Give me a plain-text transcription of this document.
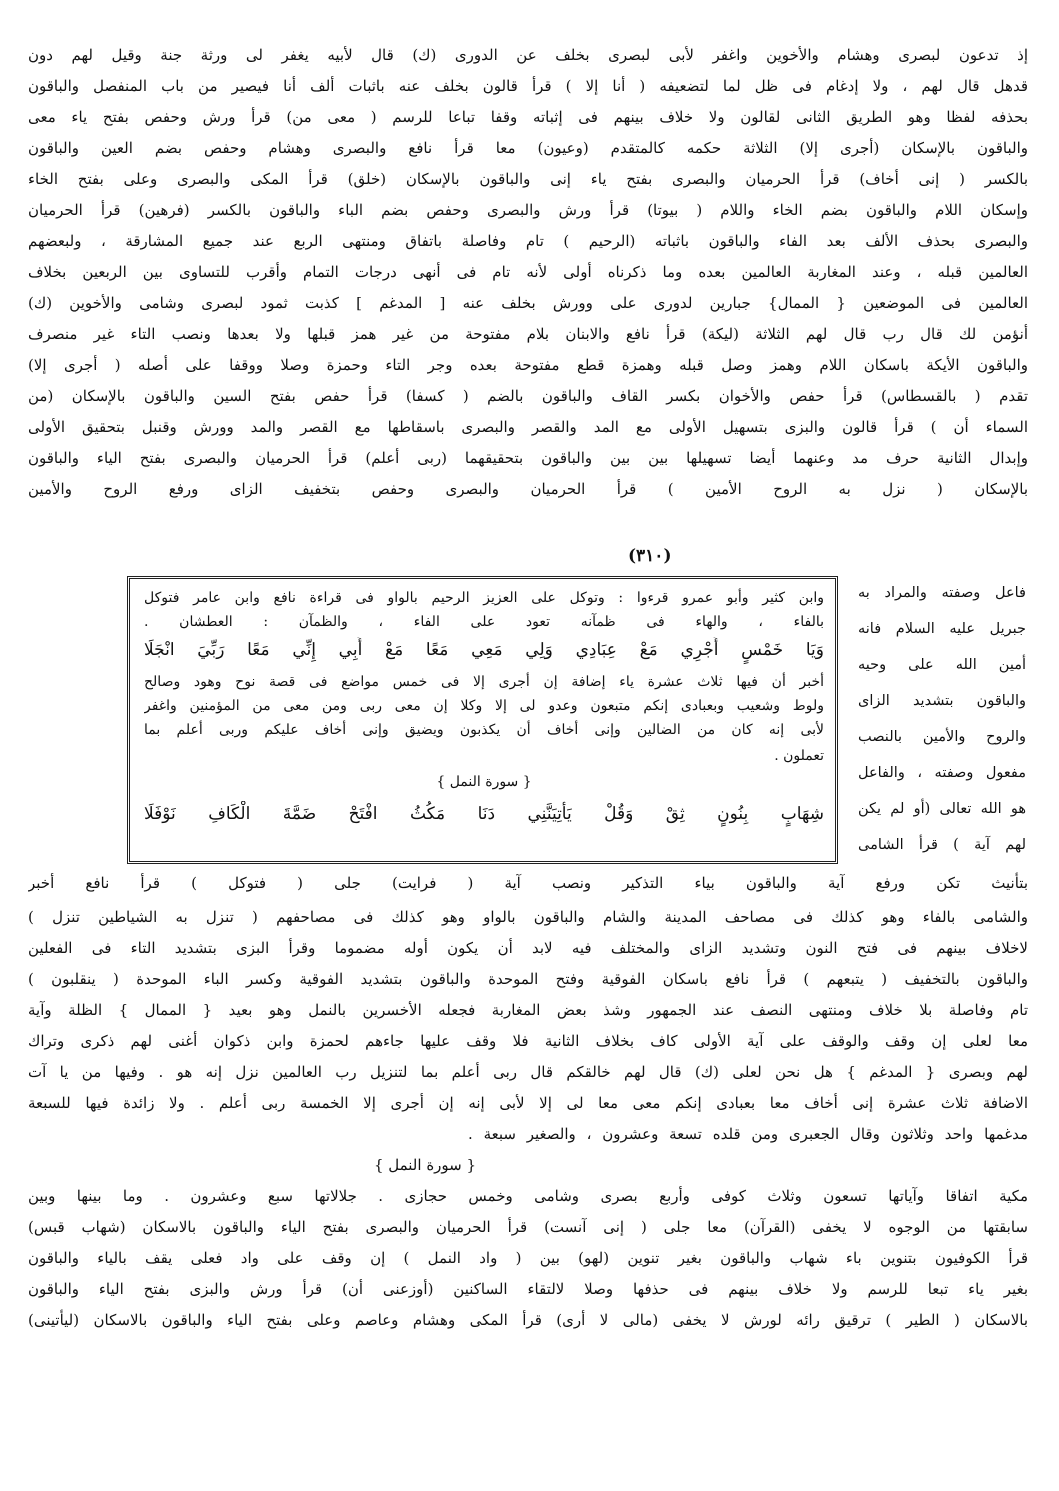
إذ تدعون لبصرى وهشام والأخوين واغفر لأبى لبصرى بخلف عن الدورى (ك) قال لأبيه يغفر لى ورثة جنة وقيل لهم دون
قدهل قال لهم ، ولا إدغام فى ظل لما لتضعيفه ( أنا إلا ) قرأ قالون بخلف عنه باثبات ألف أنا فيصير من باب المنفصل والباقون
بحذفه لفظا وهو الطريق الثانى لقالون ولا خلاف بينهم فى إثباته وقفا تباعا للرسم ( معى من) قرأ ورش وحفص بفتح ياء معى
والباقون بالإسكان (أجرى إلا) الثلاثة حكمه كالمتقدم (وعيون) معا قرأ نافع والبصرى وهشام وحفص بضم العين والباقون
بالكسر ( إنى أخاف) قرأ الحرميان والبصرى بفتح ياء إنى والباقون بالإسكان (خلق) قرأ المكى والبصرى وعلى بفتح الخاء
وإسكان اللام والباقون بضم الخاء واللام ( بيوتا) قرأ ورش والبصرى وحفص بضم الباء والباقون بالكسر (فرهين) قرأ الحرميان
والبصرى بحذف الألف بعد الفاء والباقون باثباته (الرحيم ) تام وفاصلة باتفاق ومنتهى الربع عند جميع المشارقة ، ولبعضهم
العالمين قبله ، وعند المغاربة العالمين بعده وما ذكرناه أولى لأنه تام فى أنهى درجات التمام وأقرب للتساوى بين الربعين بخلاف
العالمين فى الموضعين { الممال} جبارين لدورى على وورش بخلف عنه [ المدغم ] كذبت ثمود لبصرى وشامى والأخوين (ك)
أنؤمن لك قال رب قال لهم الثلاثة (ليكة) قرأ نافع والابنان بلام مفتوحة من غير همز قبلها ولا بعدها ونصب التاء غير منصرف
والباقون الأيكة باسكان اللام وهمز وصل قبله وهمزة قطع مفتوحة بعده وجر التاء وحمزة وصلا ووقفا على أصله ( أجرى إلا)
تقدم ( بالقسطاس) قرأ حفص والأخوان بكسر القاف والباقون بالضم ( كسفا) قرأ حفص بفتح السين والباقون بالإسكان (من
السماء أن ) قرأ قالون والبزى بتسهيل الأولى مع المد والقصر والبصرى باسقاطها مع القصر والمد وورش وقنبل بتحقيق الأولى
وإبدال الثانية حرف مد وعنهما أيضا تسهيلها بين بين والباقون بتحقيقهما (ربى أعلم) قرأ الحرميان والبصرى بفتح الياء والباقون
بالإسكان ( نزل به الروح الأمين ) قرأ الحرميان والبصرى وحفص بتخفيف الزاى ورفع الروح والأمين
(٣١٠)
فاعل وصفته والمراد به
جبريل عليه السلام فانه
أمين الله على وحيه
والباقون بتشديد الزاى
والروح والأمين بالنصب
مفعول وصفته ، والفاعل
هو الله تعالى (أو لم يكن
لهم آية ) قرأ الشامى
وابن كثير وأبو عمرو قرءوا : وتوكل على العزيز الرحيم بالواو فى قراءة نافع وابن عامر فتوكل
بالفاء ، والهاء فى ظمآنه تعود على الفاء ، والظمآن : العطشان .
وَيَا خَمْسٍ أَجْرِي مَعْ عِبَادِي وَلِي مَعِي مَعًا مَعْ أَبِي إِنِّي مَعًا رَبِّيَ انْجَلَا
أخبر أن فيها ثلاث عشرة ياء إضافة إن أجرى إلا فى خمس مواضع فى قصة نوح وهود وصالح
ولوط وشعيب وبعبادى إنكم متبعون وعدو لى إلا وكلا إن معى ربى ومن معى من المؤمنين واغفر
لأبى إنه كان من الضالين وإنى أخاف أن يكذبون ويضيق وإنى أخاف عليكم وربى أعلم بما
تعملون .
{ سورة النمل }
شِهَابٍ بِنُونٍ ثِقْ وَقُلْ يَأْتِيَنَّنِي دَنَا مَكُثُ افْتَحْ ضَمَّةَ الْكَافِ نَوْفَلَا
بتأنيث تكن ورفع آية والباقون بياء التذكير ونصب آية ( فرايت) جلى ( فتوكل ) قرأ نافع أخبر
والشامى بالفاء وهو كذلك فى مصاحف المدينة والشام والباقون بالواو وهو كذلك فى مصاحفهم ( تنزل به الشياطين تنزل )
لاخلاف بينهم فى فتح النون وتشديد الزاى والمختلف فيه لابد أن يكون أوله مضموما وقرأ البزى بتشديد التاء فى الفعلين
والباقون بالتخفيف ( يتبعهم ) قرأ نافع باسكان الفوقية وفتح الموحدة والباقون بتشديد الفوقية وكسر الباء الموحدة ( ينقلبون )
تام وفاصلة بلا خلاف ومنتهى النصف عند الجمهور وشذ بعض المغاربة فجعله الأخسرين بالنمل وهو بعيد { الممال } الظلة وآية
معا لعلى إن وقف والوقف على آية الأولى كاف بخلاف الثانية فلا وقف عليها جاءهم لحمزة وابن ذكوان أغنى لهم ذكرى وتراك
لهم وبصرى { المدغم } هل نحن لعلى (ك) قال لهم خالقكم قال ربى أعلم بما لتنزيل رب العالمين نزل إنه هو . وفيها من يا آت
الاضافة ثلاث عشرة إنى أخاف معا بعبادى إنكم معى معا لى إلا لأبى إنه إن أجرى إلا الخمسة ربى أعلم . ولا زائدة فيها للسبعة
مدغمها واحد وثلاثون وقال الجعبرى ومن قلده تسعة وعشرون ، والصغير سبعة .
{ سورة النمل }
مكية اتفاقا وآياتها تسعون وثلاث كوفى وأربع بصرى وشامى وخمس حجازى . جلالاتها سبع وعشرون . وما بينها وبين
سابقتها من الوجوه لا يخفى (القرآن) معا جلى ( إنى آنست) قرأ الحرميان والبصرى بفتح الياء والباقون بالاسكان (شهاب قبس)
قرأ الكوفيون بتنوين باء شهاب والباقون بغير تنوين (لهو) بين ( واد النمل ) إن وقف على واد فعلى يقف بالياء والباقون
بغير ياء تبعا للرسم ولا خلاف بينهم فى حذفها وصلا لالتقاء الساكنين (أوزعنى أن) قرأ ورش والبزى بفتح الياء والباقون
بالاسكان ( الطير ) ترقيق رائه لورش لا يخفى (مالى لا أرى) قرأ المكى وهشام وعاصم وعلى بفتح الياء والباقون بالاسكان (ليأتينى)
